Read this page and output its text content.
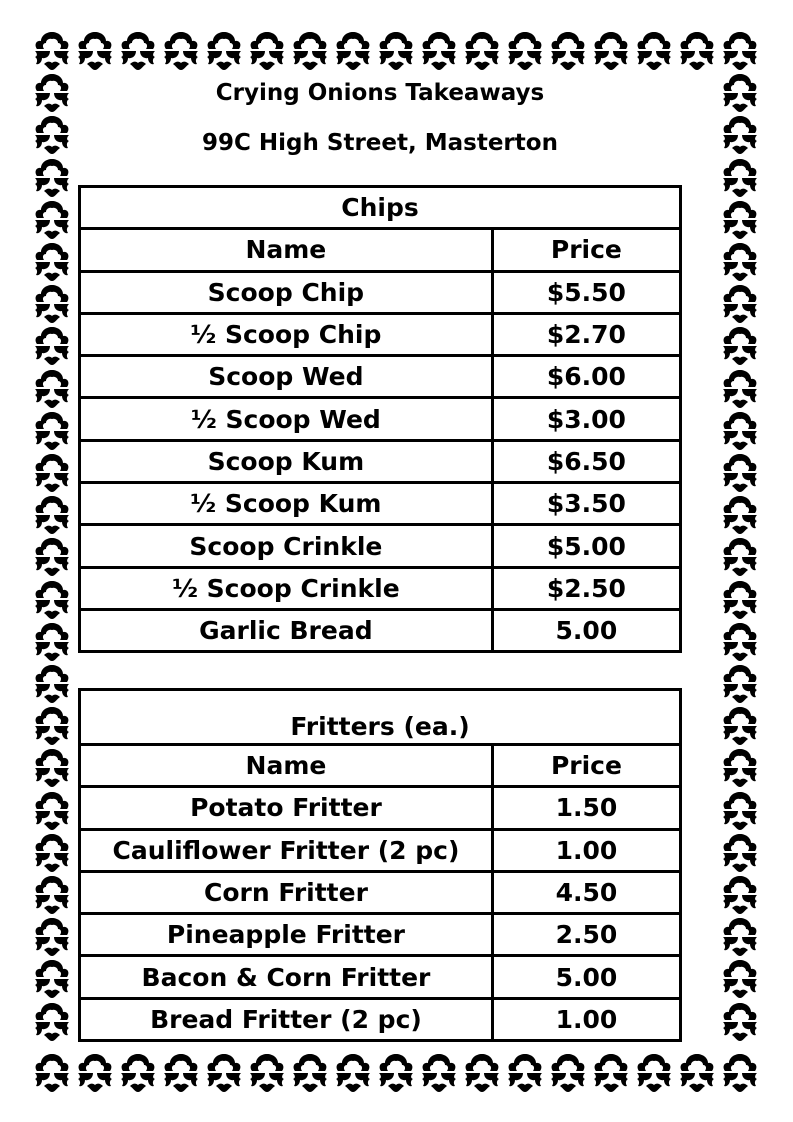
Crying Onions Takeaways
99C High Street, Masterton
Chips	
Name	Price
Scoop Chip	$5.50
½ Scoop Chip	$2.70
Scoop Wed	$6.00
½ Scoop Wed	$3.00
Scoop Kum	$6.50
½ Scoop Kum	$3.50
Scoop Crinkle	$5.00
½ Scoop Crinkle	$2.50
Garlic Bread	5.00
Fritters (ea.)	
Name	Price
Potato Fritter	1.50
Cauliflower Fritter (2 pc)	1.00
Corn Fritter	4.50
Pineapple Fritter	2.50
Bacon & Corn Fritter	5.00
Bread Fritter (2 pc)	1.00
